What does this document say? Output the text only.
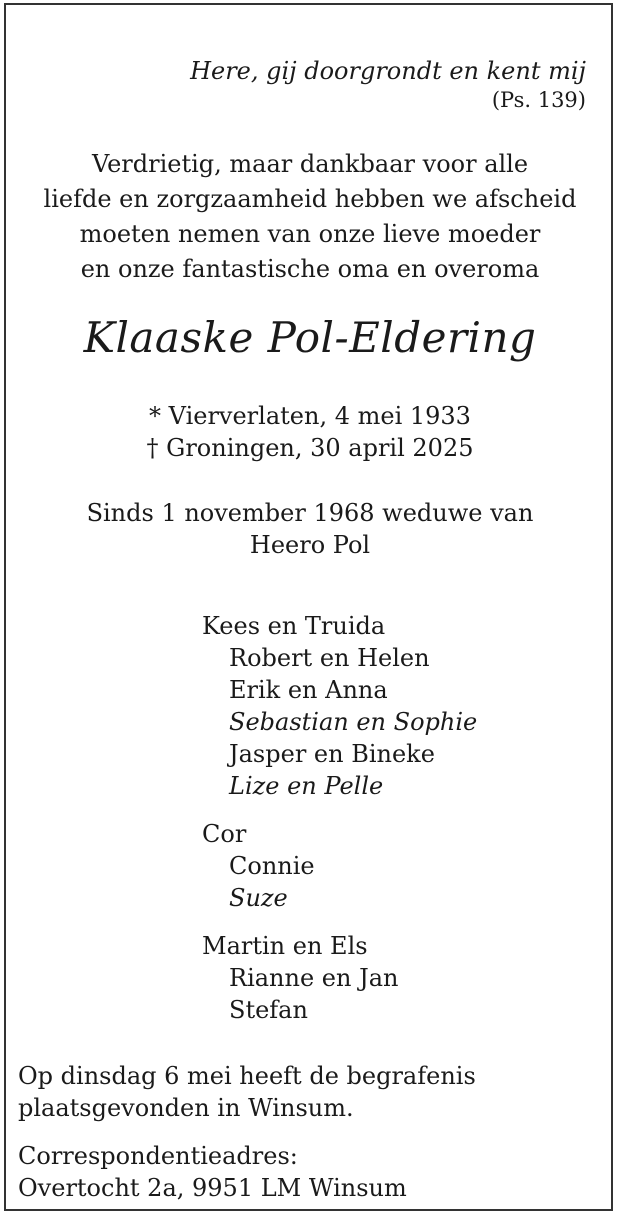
Here, gij doorgrondt en kent mij
(Ps. 139)
Verdrietig, maar dankbaar voor alle
liefde en zorgzaamheid hebben we afscheid
moeten nemen van onze lieve moeder
en onze fantastische oma en overoma
Klaaske Pol-Eldering
* Vierverlaten, 4 mei 1933
† Groningen, 30 april 2025
Sinds 1 november 1968 weduwe van
Heero Pol
Kees en Truida
Robert en Helen
Erik en Anna
Sebastian en Sophie
Jasper en Bineke
Lize en Pelle
Cor
Connie
Suze
Martin en Els
Rianne en Jan
Stefan
Op dinsdag 6 mei heeft de begrafenis
plaatsgevonden in Winsum.
Correspondentieadres:
Overtocht 2a, 9951 LM Winsum
